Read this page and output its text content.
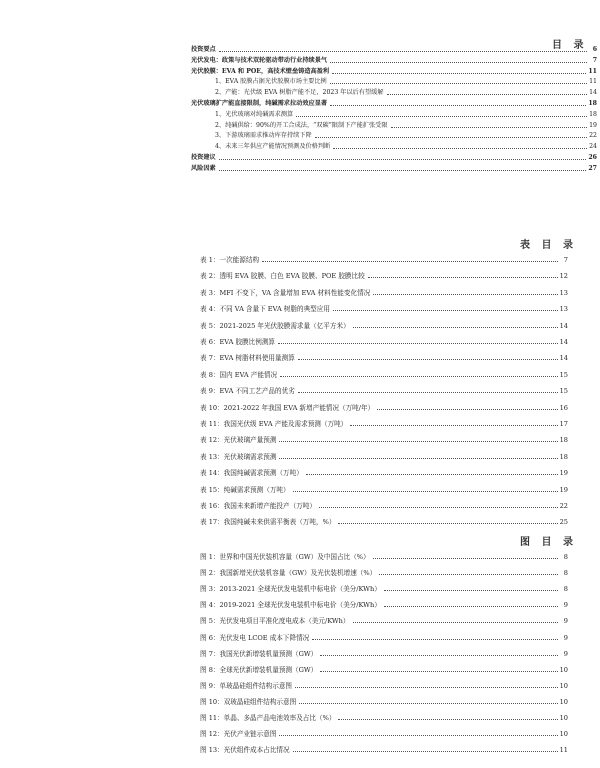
目 录
投资要点	6
光伏发电：政策与技术双轮驱动带动行业持续景气	7
光伏胶膜：EVA 和 POE，高技术壁垒铸造高盈利	11
1、EVA 胶膜占据光伏胶膜市场主要比例	11
2、产能：光伏级 EVA 树脂产能不足，2023 年以后有望缓解	14
光伏玻璃扩产能直接限制，纯碱需求拉动效应显著	18
1、光伏玻璃对纯碱需求测算	18
2、纯碱供给：90%的开工合成法，“双碳”限制下产能扩张受限	19
3、下游玻璃需求推动库存持续下降	22
4、未来三年供应产能情况预测及价格判断	24
投资建议	26
风险因素	27
表 目 录
表 1：一次能源结构	7
表 2：透明 EVA 胶膜、白色 EVA 胶膜、POE 胶膜比较	12
表 3：MFI 不变下，VA 含量增加 EVA 材料性能变化情况	13
表 4：不同 VA 含量下 EVA 树脂的典型应用	13
表 5：2021-2025 年光伏胶膜需求量（亿平方米）	14
表 6：EVA 胶膜比例测算	14
表 7：EVA 树脂材料使用量测算	14
表 8：国内 EVA 产能情况	15
表 9：EVA 不同工艺产品的优劣	15
表 10：2021-2022 年我国 EVA 新增产能情况（万吨/年）	16
表 11：我国光伏级 EVA 产能及需求预测（万吨）	17
表 12：光伏玻璃产量预测	18
表 13：光伏玻璃需求预测	18
表 14：我国纯碱需求预测（万吨）	19
表 15：纯碱需求预测（万吨）	19
表 16：我国未来新增产能投产（万吨）	22
表 17：我国纯碱未来供需平衡表（万吨，%）	25
图 目 录
图 1：世界和中国光伏装机容量（GW）及中国占比（%）	8
图 2：我国新增光伏装机容量（GW）及光伏装机增速（%）	8
图 3：2013-2021 全球光伏发电装机中标电价（美分/KWh）	8
图 4：2019-2021 全球光伏发电装机中标电价（美分/KWh）	9
图 5：光伏发电项目平准化度电成本（美元/KWh）	9
图 6：光伏发电 LCOE 成本下降情况	9
图 7：我国光伏新增装机量预测（GW）	9
图 8：全球光伏新增装机量预测（GW）	10
图 9：单玻晶硅组件结构示意图	10
图 10：双玻晶硅组件结构示意图	10
图 11：单晶、多晶产品电池效率及占比（%）	10
图 12：光伏产业链示意图	10
图 13：光伏组件成本占比情况	11
